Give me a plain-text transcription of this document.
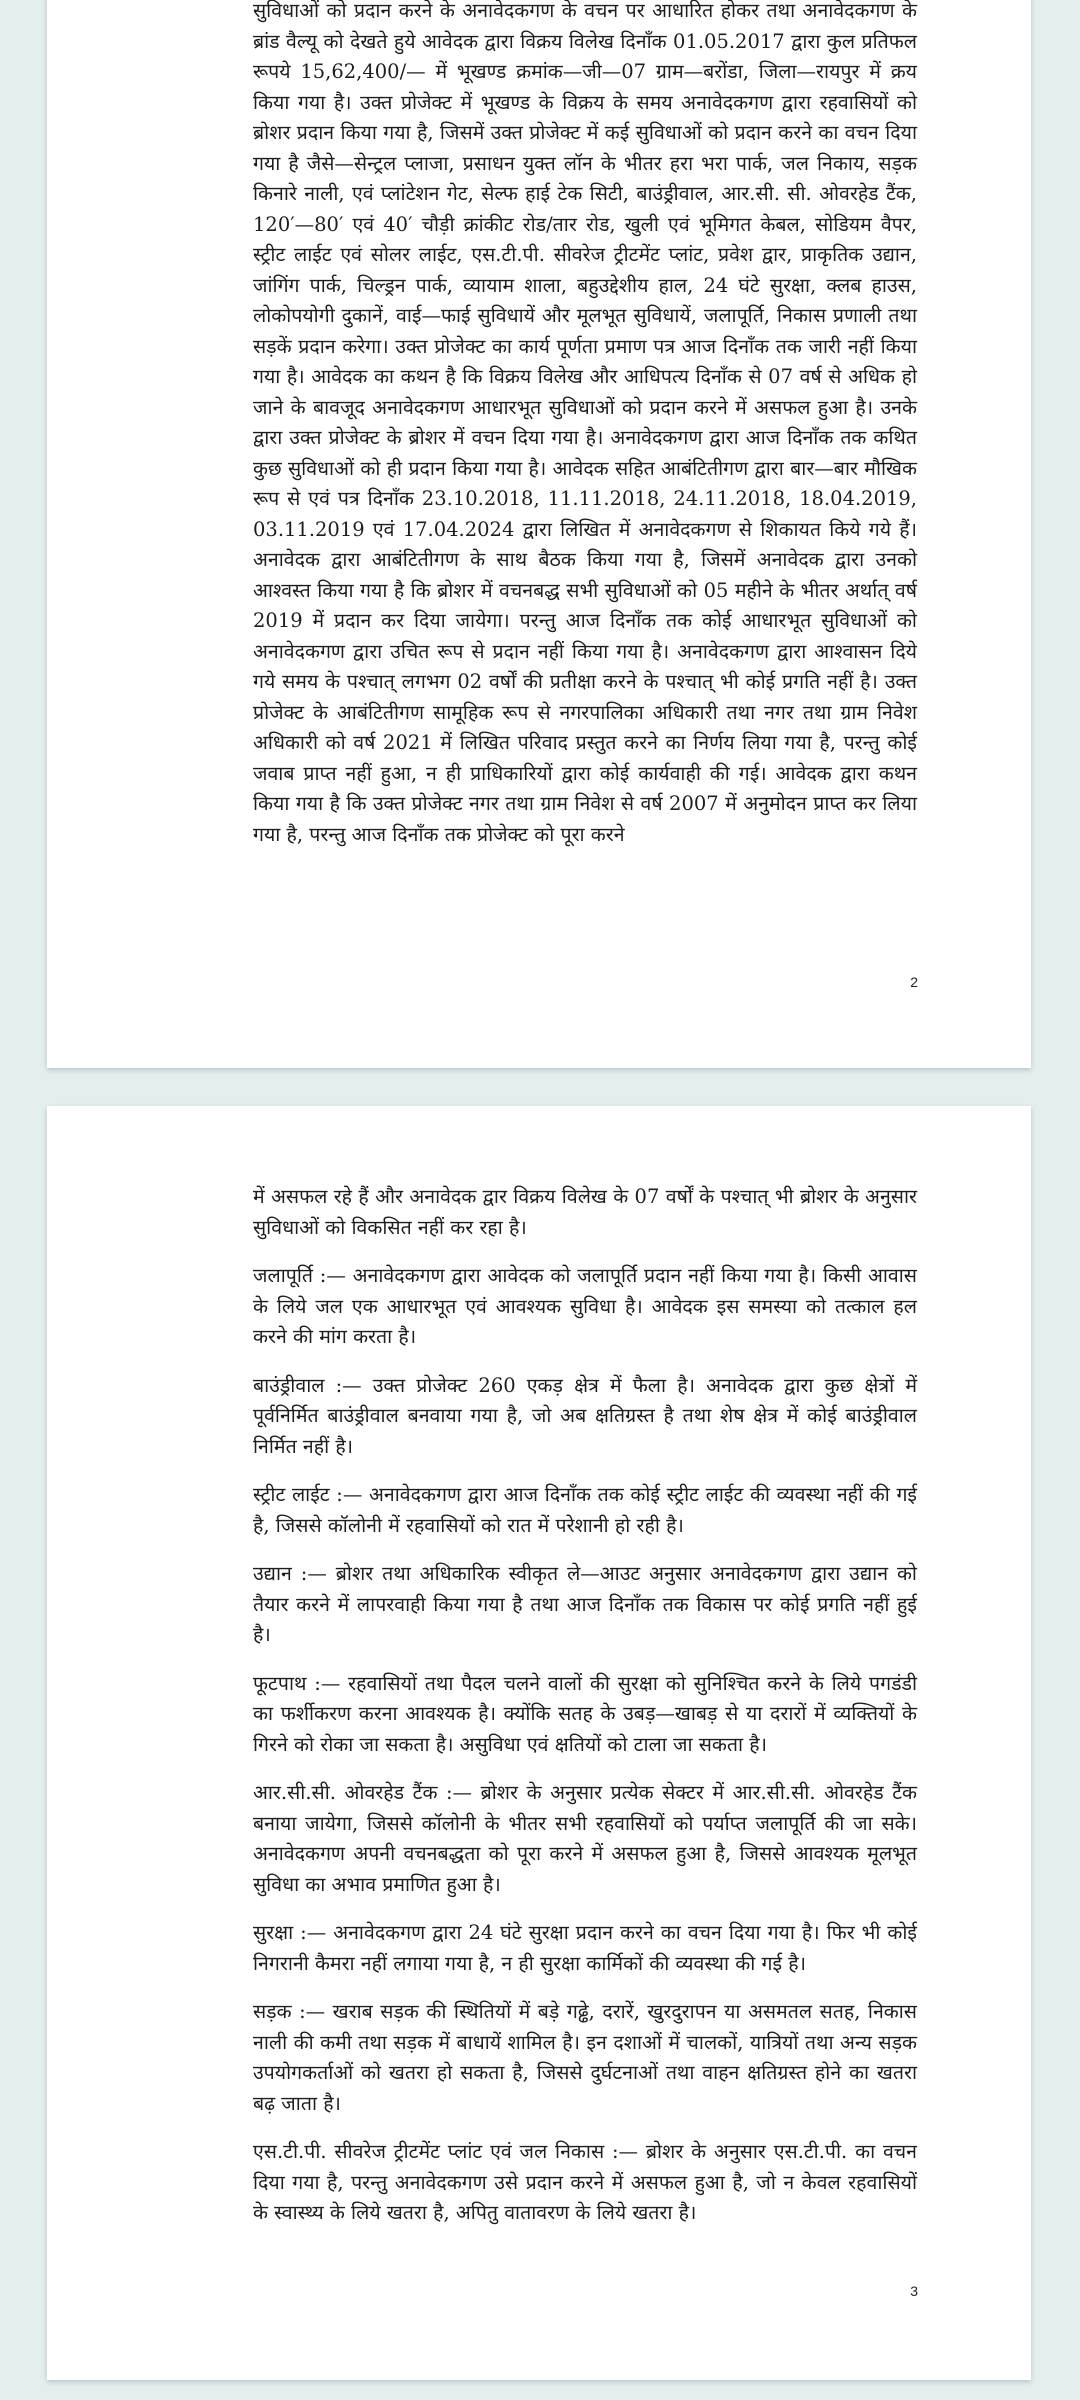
सुविधाओं को प्रदान करने के अनावेदकगण के वचन पर आधारित होकर तथा अनावेदकगण के ब्रांड वैल्यू को देखते हुये आवेदक द्वारा विक्रय विलेख दिनाँक 01.05.2017 द्वारा कुल प्रतिफल रूपये 15,62,400/— में भूखण्ड क्रमांक—जी—07 ग्राम—बरोंडा, जिला—रायपुर में क्रय किया गया है। उक्त प्रोजेक्ट में भूखण्ड के विक्रय के समय अनावेदकगण द्वारा रहवासियों को ब्रोशर प्रदान किया गया है, जिसमें उक्त प्रोजेक्ट में कई सुविधाओं को प्रदान करने का वचन दिया गया है जैसे—सेन्ट्रल प्लाजा, प्रसाधन युक्त लॉन के भीतर हरा भरा पार्क, जल निकाय, सड़क किनारे नाली, एवं प्लांटेशन गेट, सेल्फ हाई टेक सिटी, बाउंड्रीवाल, आर.सी. सी. ओवरहेड टैंक, 120′—80′ एवं 40′ चौड़ी क्रांकीट रोड/तार रोड, खुली एवं भूमिगत केबल, सोडियम वैपर, स्ट्रीट लाईट एवं सोलर लाईट, एस.टी.पी. सीवरेज ट्रीटमेंट प्लांट, प्रवेश द्वार, प्राकृतिक उद्यान, जांगिंग पार्क, चिल्ड्रन पार्क, व्यायाम शाला, बहुउद्देशीय हाल, 24 घंटे सुरक्षा, क्लब हाउस, लोकोपयोगी दुकानें, वाई—फाई सुविधायें और मूलभूत सुविधायें, जलापूर्ति, निकास प्रणाली तथा सड़कें प्रदान करेगा। उक्त प्रोजेक्ट का कार्य पूर्णता प्रमाण पत्र आज दिनाँक तक जारी नहीं किया गया है। आवेदक का कथन है कि विक्रय विलेख और आधिपत्य दिनाँक से 07 वर्ष से अधिक हो जाने के बावजूद अनावेदकगण आधारभूत सुविधाओं को प्रदान करने में असफल हुआ है। उनके द्वारा उक्त प्रोजेक्ट के ब्रोशर में वचन दिया गया है। अनावेदकगण द्वारा आज दिनाँक तक कथित कुछ सुविधाओं को ही प्रदान किया गया है। आवेदक सहित आबंटितीगण द्वारा बार—बार मौखिक रूप से एवं पत्र दिनाँक 23.10.2018, 11.11.2018, 24.11.2018, 18.04.2019, 03.11.2019 एवं 17.04.2024 द्वारा लिखित में अनावेदकगण से शिकायत किये गये हैं। अनावेदक द्वारा आबंटितीगण के साथ बैठक किया गया है, जिसमें अनावेदक द्वारा उनको आश्वस्त किया गया है कि ब्रोशर में वचनबद्ध सभी सुविधाओं को 05 महीने के भीतर अर्थात् वर्ष 2019 में प्रदान कर दिया जायेगा। परन्तु आज दिनाँक तक कोई आधारभूत सुविधाओं को अनावेदकगण द्वारा उचित रूप से प्रदान नहीं किया गया है। अनावेदकगण द्वारा आश्वासन दिये गये समय के पश्चात् लगभग 02 वर्षों की प्रतीक्षा करने के पश्चात् भी कोई प्रगति नहीं है। उक्त प्रोजेक्ट के आबंटितीगण सामूहिक रूप से नगरपालिका अधिकारी तथा नगर तथा ग्राम निवेश अधिकारी को वर्ष 2021 में लिखित परिवाद प्रस्तुत करने का निर्णय लिया गया है, परन्तु कोई जवाब प्राप्त नहीं हुआ, न ही प्राधिकारियों द्वारा कोई कार्यवाही की गई। आवेदक द्वारा कथन किया गया है कि उक्त प्रोजेक्ट नगर तथा ग्राम निवेश से वर्ष 2007 में अनुमोदन प्राप्त कर लिया गया है, परन्तु आज दिनाँक तक प्रोजेक्ट को पूरा करने

2

में असफल रहे हैं और अनावेदक द्वार विक्रय विलेख के 07 वर्षों के पश्चात् भी ब्रोशर के अनुसार सुविधाओं को विकसित नहीं कर रहा है।

जलापूर्ति :— अनावेदकगण द्वारा आवेदक को जलापूर्ति प्रदान नहीं किया गया है। किसी आवास के लिये जल एक आधारभूत एवं आवश्यक सुविधा है। आवेदक इस समस्या को तत्काल हल करने की मांग करता है।

बाउंड्रीवाल :— उक्त प्रोजेक्ट 260 एकड़ क्षेत्र में फैला है। अनावेदक द्वारा कुछ क्षेत्रों में पूर्वनिर्मित बाउंड्रीवाल बनवाया गया है, जो अब क्षतिग्रस्त है तथा शेष क्षेत्र में कोई बाउंड्रीवाल निर्मित नहीं है।

स्ट्रीट लाईट :— अनावेदकगण द्वारा आज दिनाँक तक कोई स्ट्रीट लाईट की व्यवस्था नहीं की गई है, जिससे कॉलोनी में रहवासियों को रात में परेशानी हो रही है।

उद्यान :— ब्रोशर तथा अधिकारिक स्वीकृत ले—आउट अनुसार अनावेदकगण द्वारा उद्यान को तैयार करने में लापरवाही किया गया है तथा आज दिनाँक तक विकास पर कोई प्रगति नहीं हुई है।

फूटपाथ :— रहवासियों तथा पैदल चलने वालों की सुरक्षा को सुनिश्चित करने के लिये पगडंडी का फर्शीकरण करना आवश्यक है। क्योंकि सतह के उबड़—खाबड़ से या दरारों में व्यक्तियों के गिरने को रोका जा सकता है। असुविधा एवं क्षतियों को टाला जा सकता है।

आर.सी.सी. ओवरहेड टैंक :— ब्रोशर के अनुसार प्रत्येक सेक्टर में आर.सी.सी. ओवरहेड टैंक बनाया जायेगा, जिससे कॉलोनी के भीतर सभी रहवासियों को पर्याप्त जलापूर्ति की जा सके। अनावेदकगण अपनी वचनबद्धता को पूरा करने में असफल हुआ है, जिससे आवश्यक मूलभूत सुविधा का अभाव प्रमाणित हुआ है।

सुरक्षा :— अनावेदकगण द्वारा 24 घंटे सुरक्षा प्रदान करने का वचन दिया गया है। फिर भी कोई निगरानी कैमरा नहीं लगाया गया है, न ही सुरक्षा कार्मिकों की व्यवस्था की गई है।

सड़क :— खराब सड़क की स्थितियों में बड़े गढ्ढे, दरारें, खुरदुरापन या असमतल सतह, निकास नाली की कमी तथा सड़क में बाधायें शामिल है। इन दशाओं में चालकों, यात्रियों तथा अन्य सड़क उपयोगकर्ताओं को खतरा हो सकता है, जिससे दुर्घटनाओं तथा वाहन क्षतिग्रस्त होने का खतरा बढ़ जाता है।

एस.टी.पी. सीवरेज ट्रीटमेंट प्लांट एवं जल निकास :— ब्रोशर के अनुसार एस.टी.पी. का वचन दिया गया है, परन्तु अनावेदकगण उसे प्रदान करने में असफल हुआ है, जो न केवल रहवासियों के स्वास्थ्य के लिये खतरा है, अपितु वातावरण के लिये खतरा है।

3
